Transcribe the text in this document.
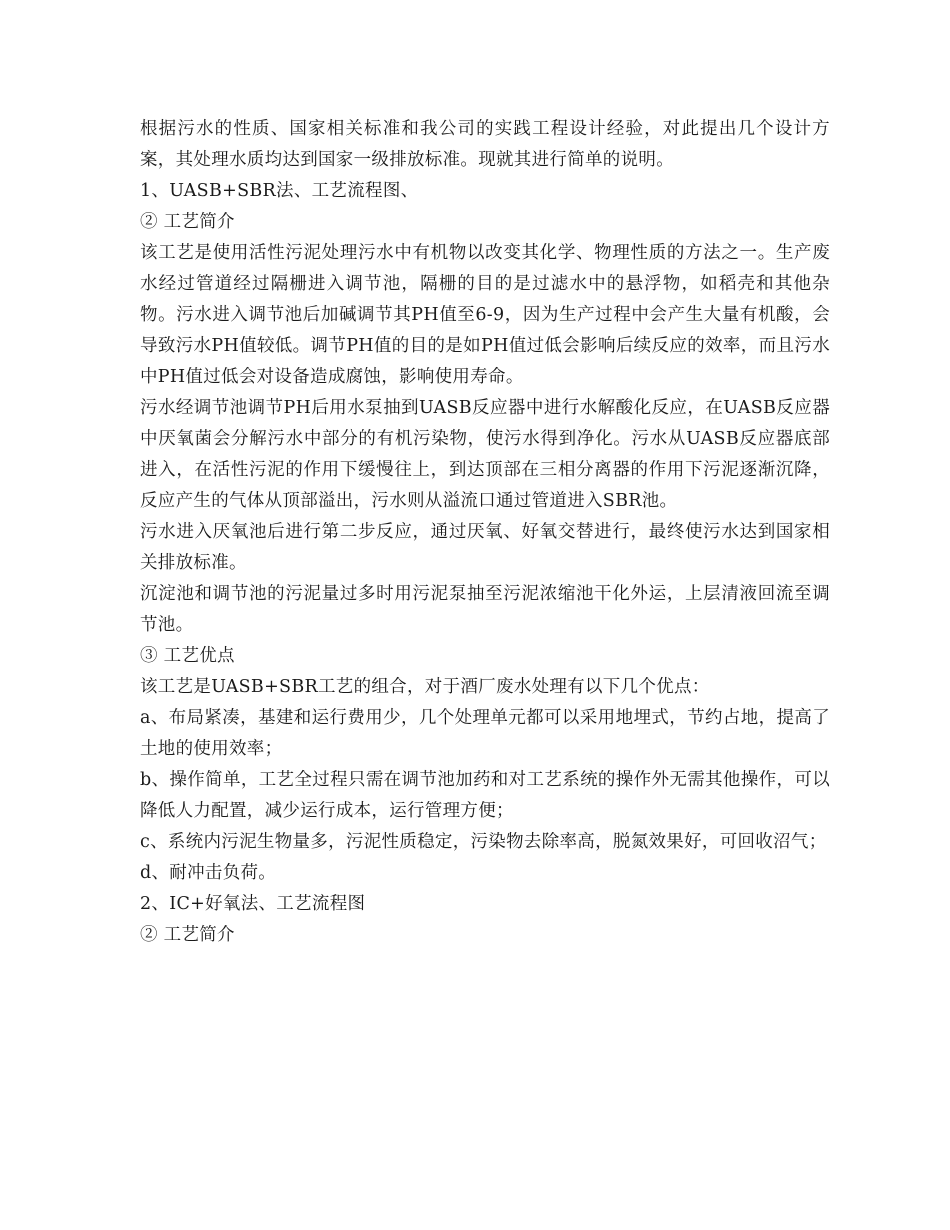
根据污水的性质、国家相关标准和我公司的实践工程设计经验，对此提出几个设计方案，其处理水质均达到国家一级排放标准。现就其进行简单的说明。

1、UASB+SBR法、工艺流程图、

② 工艺简介

该工艺是使用活性污泥处理污水中有机物以改变其化学、物理性质的方法之一。生产废水经过管道经过隔栅进入调节池，隔栅的目的是过滤水中的悬浮物，如稻壳和其他杂物。污水进入调节池后加碱调节其PH值至6-9，因为生产过程中会产生大量有机酸，会导致污水PH值较低。调节PH值的目的是如PH值过低会影响后续反应的效率，而且污水中PH值过低会对设备造成腐蚀，影响使用寿命。

污水经调节池调节PH后用水泵抽到UASB反应器中进行水解酸化反应，在UASB反应器中厌氧菌会分解污水中部分的有机污染物，使污水得到净化。污水从UASB反应器底部进入，在活性污泥的作用下缓慢往上，到达顶部在三相分离器的作用下污泥逐渐沉降，反应产生的气体从顶部溢出，污水则从溢流口通过管道进入SBR池。

污水进入厌氧池后进行第二步反应，通过厌氧、好氧交替进行，最终使污水达到国家相关排放标准。

沉淀池和调节池的污泥量过多时用污泥泵抽至污泥浓缩池干化外运，上层清液回流至调节池。

③ 工艺优点

该工艺是UASB+SBR工艺的组合，对于酒厂废水处理有以下几个优点：

a、布局紧凑，基建和运行费用少，几个处理单元都可以采用地埋式，节约占地，提高了土地的使用效率；

b、操作简单，工艺全过程只需在调节池加药和对工艺系统的操作外无需其他操作，可以降低人力配置，减少运行成本，运行管理方便；

c、系统内污泥生物量多，污泥性质稳定，污染物去除率高，脱氮效果好，可回收沼气；

d、耐冲击负荷。

2、IC+好氧法、工艺流程图

② 工艺简介
